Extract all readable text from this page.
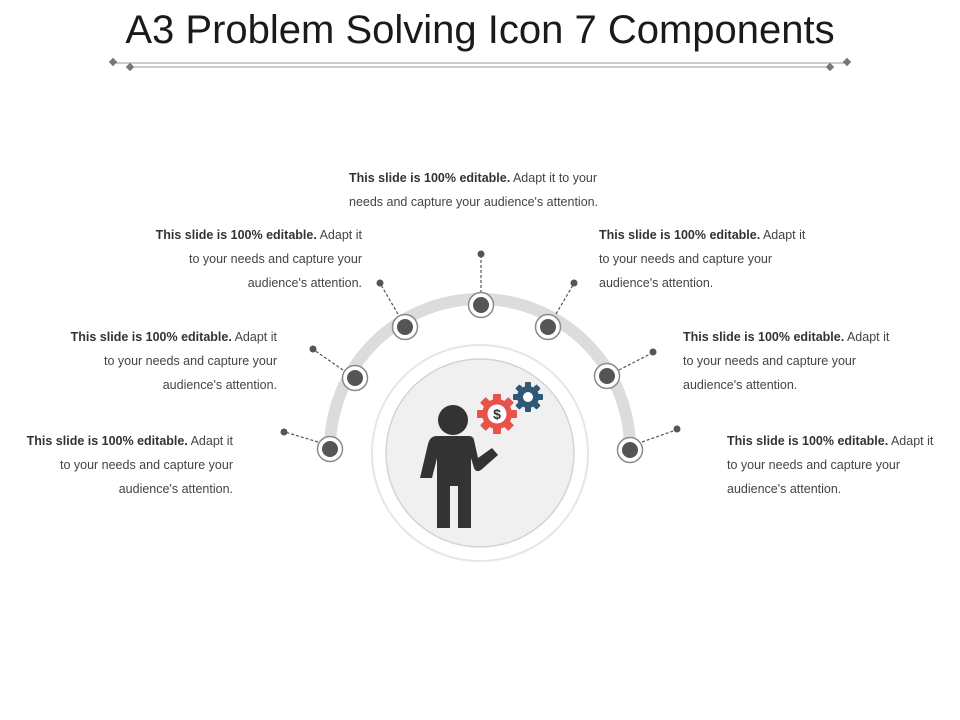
A3 Problem Solving Icon 7 Components
$
This slide is 100% editable. Adapt it
to your needs and capture your
audience's attention.
This slide is 100% editable. Adapt it
to your needs and capture your
audience's attention.
This slide is 100% editable. Adapt it
to your needs and capture your
audience's attention.
This slide is 100% editable. Adapt it to your
needs and capture your audience's attention.
This slide is 100% editable. Adapt it
to your needs and capture your
audience's attention.
This slide is 100% editable. Adapt it
to your needs and capture your
audience's attention.
This slide is 100% editable. Adapt it
to your needs and capture your
audience's attention.
